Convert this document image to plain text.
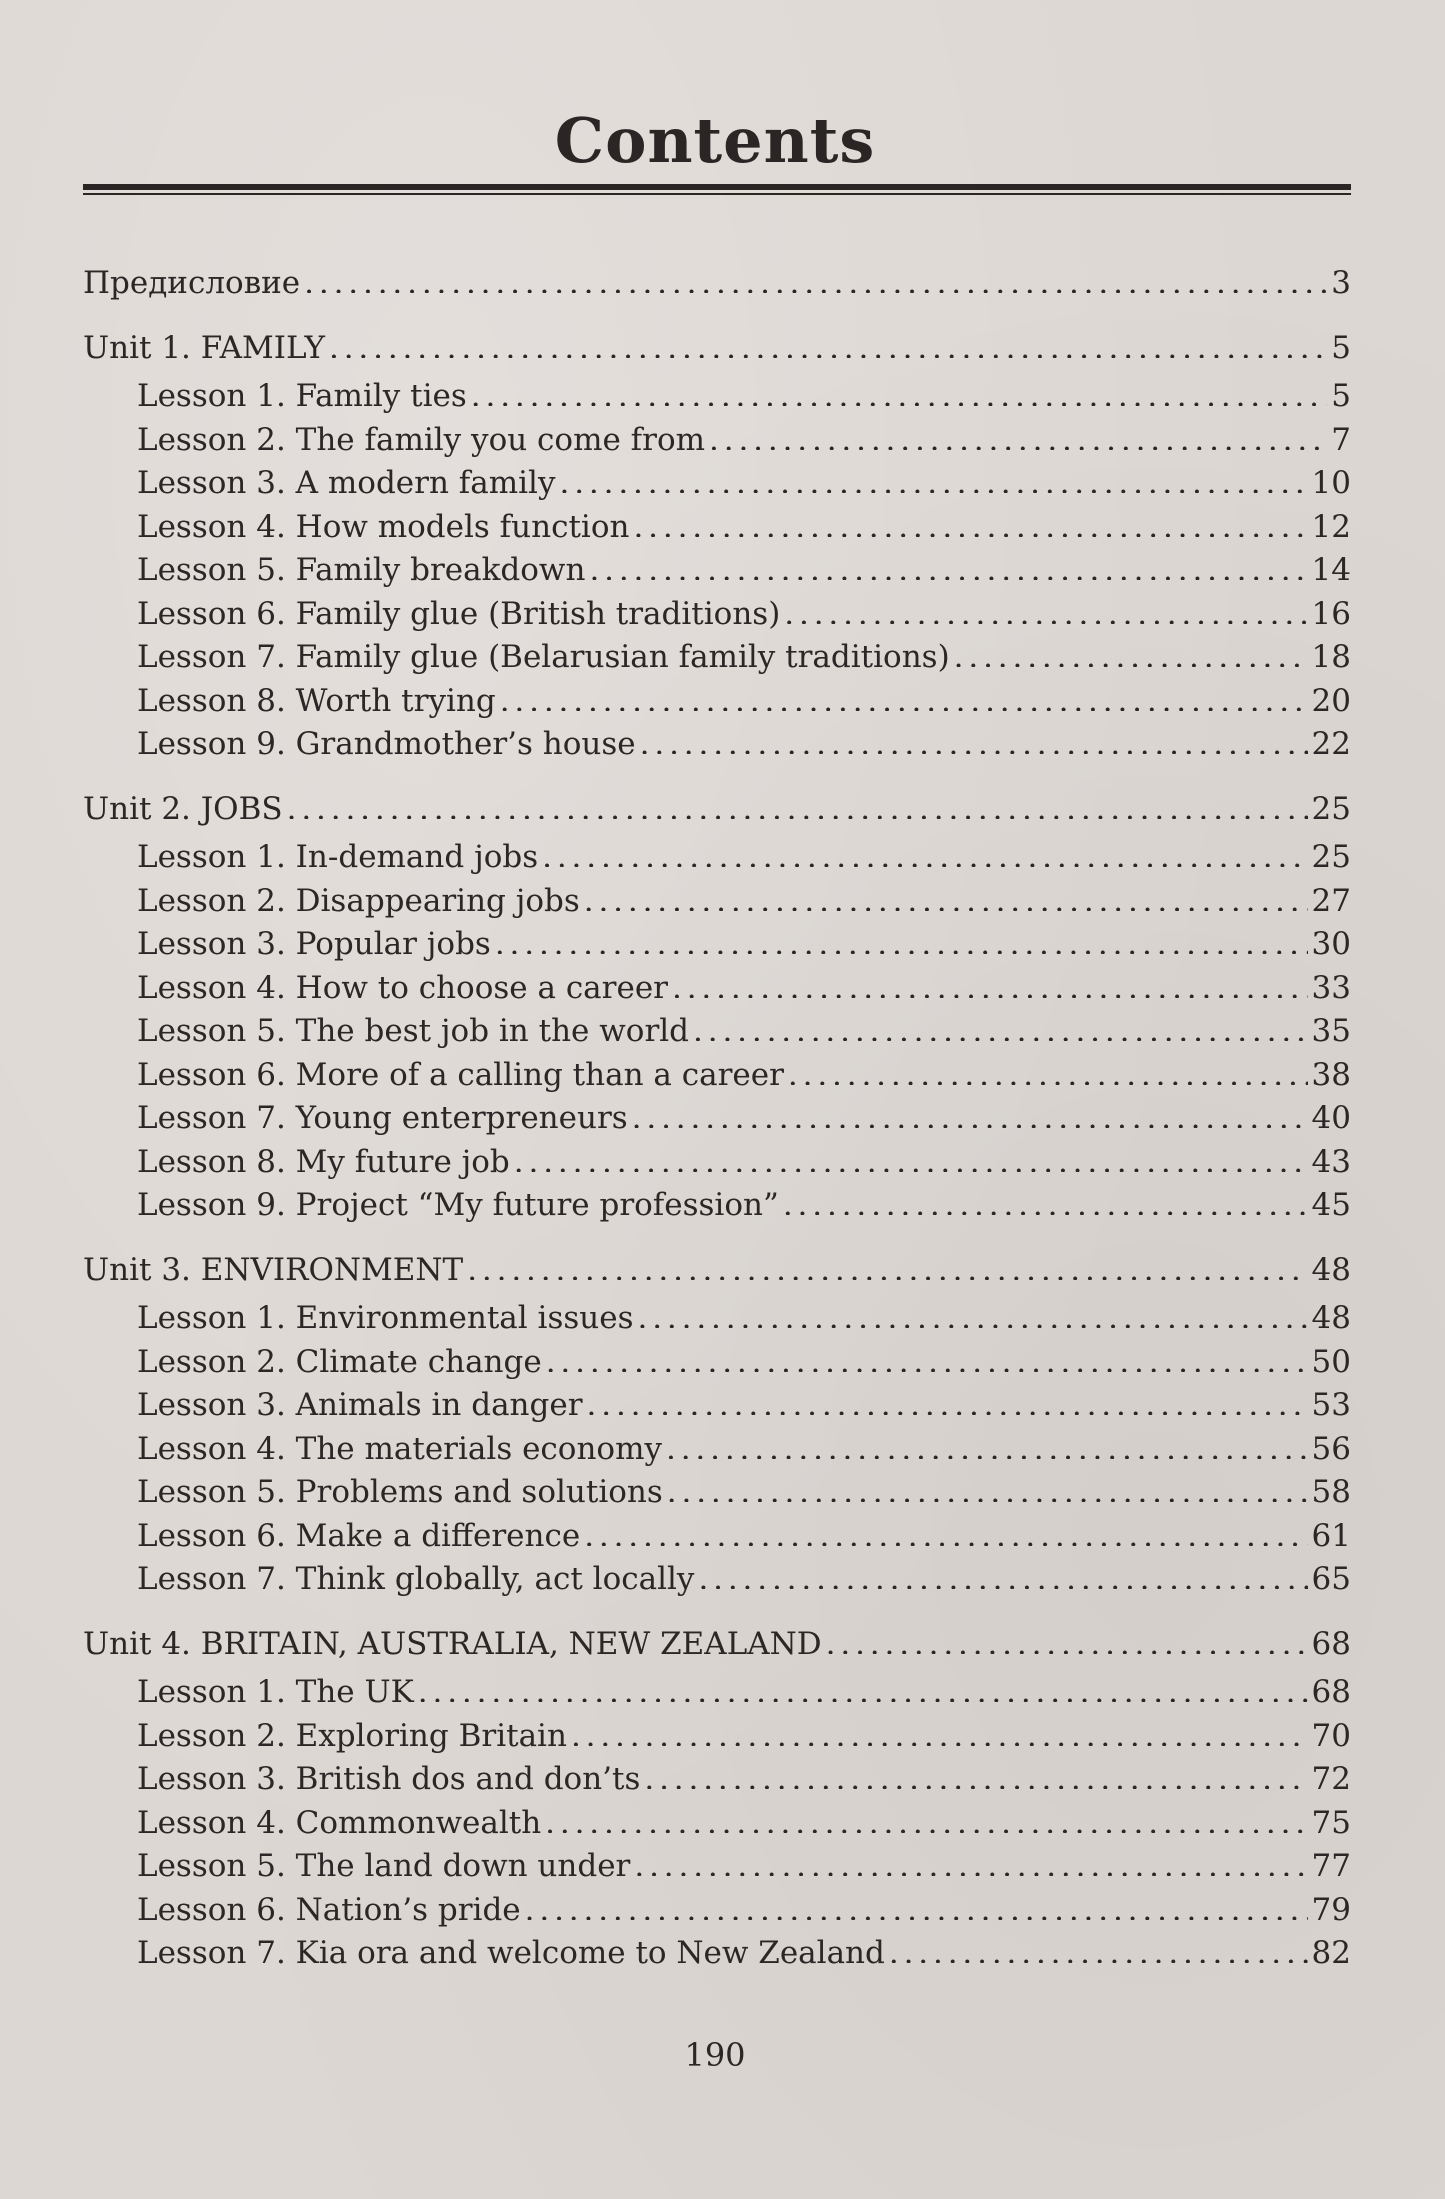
Contents
Предисловие . . .	3
Unit 1. FAMILY . . .	5
Lesson 1. Family ties . . .	5
Lesson 2. The family you come from . . .	7
Lesson 3. A modern family . . .	10
Lesson 4. How models function . . .	12
Lesson 5. Family breakdown . . .	14
Lesson 6. Family glue (British traditions) . . .	16
Lesson 7. Family glue (Belarusian family traditions) . . .	18
Lesson 8. Worth trying . . .	20
Lesson 9. Grandmother’s house . . .	22
Unit 2. JOBS . . .	25
Lesson 1. In-demand jobs . . .	25
Lesson 2. Disappearing jobs . . .	27
Lesson 3. Popular jobs . . .	30
Lesson 4. How to choose a career . . .	33
Lesson 5. The best job in the world . . .	35
Lesson 6. More of a calling than a career . . .	38
Lesson 7. Young enterpreneurs . . .	40
Lesson 8. My future job . . .	43
Lesson 9. Project “My future profession” . . .	45
Unit 3. ENVIRONMENT . . .	48
Lesson 1. Environmental issues . . .	48
Lesson 2. Climate change . . .	50
Lesson 3. Animals in danger . . .	53
Lesson 4. The materials economy . . .	56
Lesson 5. Problems and solutions . . .	58
Lesson 6. Make a difference . . .	61
Lesson 7. Think globally, act locally . . .	65
Unit 4. BRITAIN, AUSTRALIA, NEW ZEALAND . . .	68
Lesson 1. The UK . . .	68
Lesson 2. Exploring Britain . . .	70
Lesson 3. British dos and don’ts . . .	72
Lesson 4. Commonwealth . . .	75
Lesson 5. The land down under . . .	77
Lesson 6. Nation’s pride . . .	79
Lesson 7. Kia ora and welcome to New Zealand . . .	82
190
